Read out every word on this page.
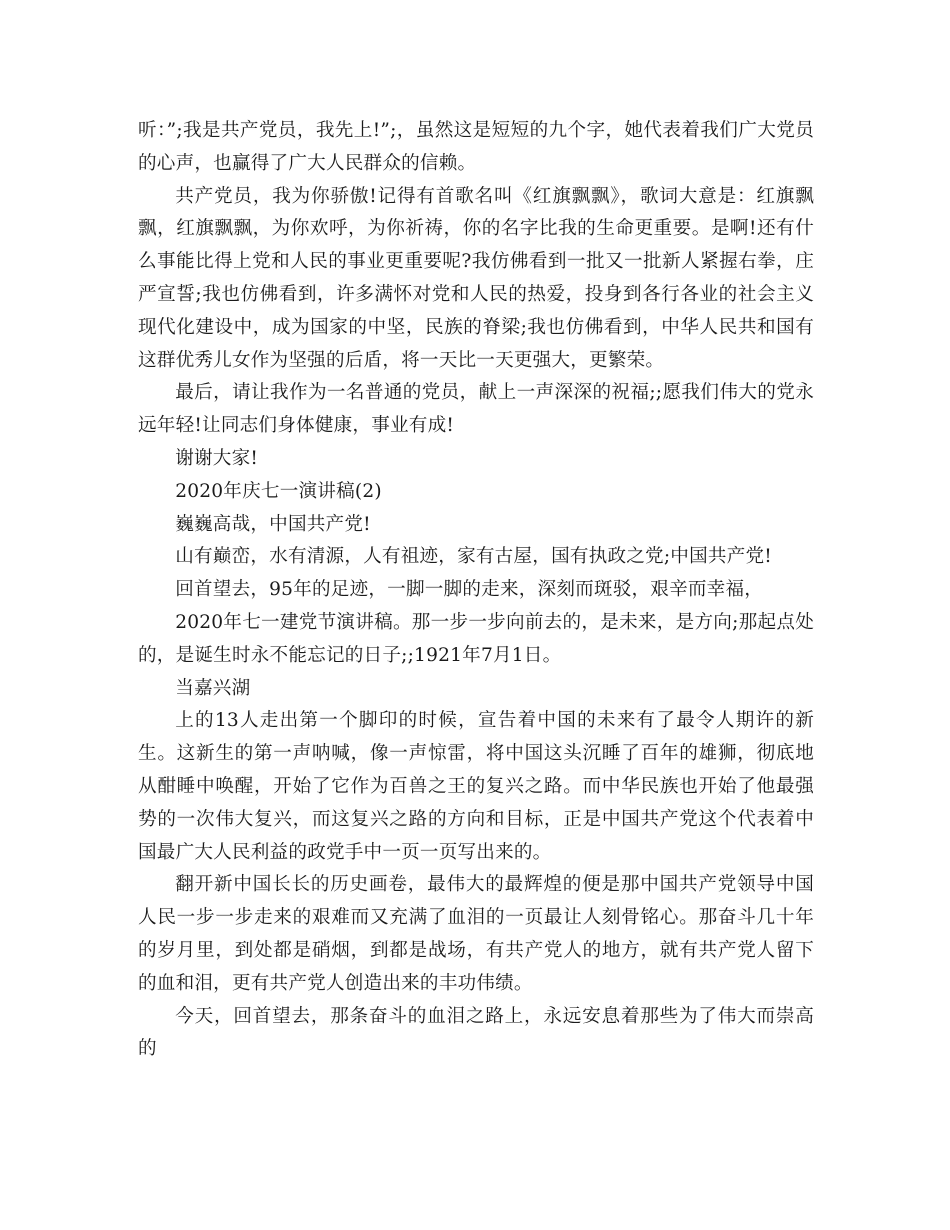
听：”;我是共产党员，我先上!”;，虽然这是短短的九个字，她代表着我们广大党员的心声，也赢得了广大人民群众的信赖。

共产党员，我为你骄傲!记得有首歌名叫《红旗飘飘》，歌词大意是：红旗飘飘，红旗飘飘，为你欢呼，为你祈祷，你的名字比我的生命更重要。是啊!还有什么事能比得上党和人民的事业更重要呢?我仿佛看到一批又一批新人紧握右拳，庄严宣誓;我也仿佛看到，许多满怀对党和人民的热爱，投身到各行各业的社会主义现代化建设中，成为国家的中坚，民族的脊梁;我也仿佛看到，中华人民共和国有这群优秀儿女作为坚强的后盾，将一天比一天更强大，更繁荣。

最后，请让我作为一名普通的党员，献上一声深深的祝福;;愿我们伟大的党永远年轻!让同志们身体健康，事业有成!

谢谢大家!

2020年庆七一演讲稿(2)

巍巍高哉，中国共产党!

山有巅峦，水有清源，人有祖迹，家有古屋，国有执政之党;中国共产党!

回首望去，95年的足迹，一脚一脚的走来，深刻而斑驳，艰辛而幸福，

2020年七一建党节演讲稿。那一步一步向前去的，是未来，是方向;那起点处的，是诞生时永不能忘记的日子;;1921年7月1日。

当嘉兴湖

上的13人走出第一个脚印的时候，宣告着中国的未来有了最令人期许的新生。这新生的第一声呐喊，像一声惊雷，将中国这头沉睡了百年的雄狮，彻底地从酣睡中唤醒，开始了它作为百兽之王的复兴之路。而中华民族也开始了他最强势的一次伟大复兴，而这复兴之路的方向和目标，正是中国共产党这个代表着中国最广大人民利益的政党手中一页一页写出来的。

翻开新中国长长的历史画卷，最伟大的最辉煌的便是那中国共产党领导中国人民一步一步走来的艰难而又充满了血泪的一页最让人刻骨铭心。那奋斗几十年的岁月里，到处都是硝烟，到都是战场，有共产党人的地方，就有共产党人留下的血和泪，更有共产党人创造出来的丰功伟绩。

今天，回首望去，那条奋斗的血泪之路上，永远安息着那些为了伟大而崇高的
